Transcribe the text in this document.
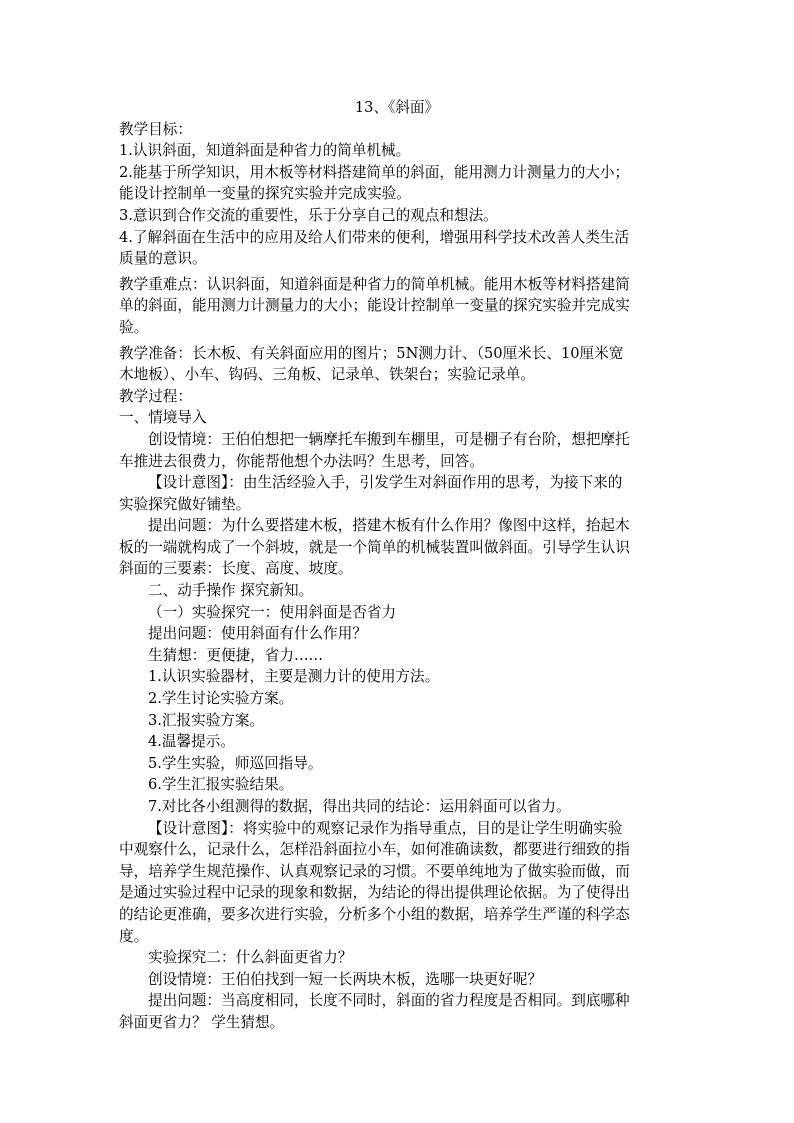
13、《斜面》
教学目标：
1.认识斜面，知道斜面是种省力的简单机械。
2.能基于所学知识，用木板等材料搭建简单的斜面，能用测力计测量力的大小；
能设计控制单一变量的探究实验并完成实验。
3.意识到合作交流的重要性，乐于分享自己的观点和想法。
4.了解斜面在生活中的应用及给人们带来的便利，增强用科学技术改善人类生活
质量的意识。
教学重难点：认识斜面，知道斜面是种省力的简单机械。能用木板等材料搭建简
单的斜面，能用测力计测量力的大小；能设计控制单一变量的探究实验并完成实
验。
教学准备：长木板、有关斜面应用的图片；5N测力计、（50厘米长、10厘米宽
木地板）、小车、钩码、三角板、记录单、铁架台；实验记录单。
教学过程：
一、情境导入
创设情境：王伯伯想把一辆摩托车搬到车棚里，可是棚子有台阶，想把摩托
车推进去很费力，你能帮他想个办法吗？生思考，回答。
【设计意图】：由生活经验入手，引发学生对斜面作用的思考，为接下来的
实验探究做好铺垫。
提出问题：为什么要搭建木板，搭建木板有什么作用？像图中这样，抬起木
板的一端就构成了一个斜坡，就是一个简单的机械装置叫做斜面。引导学生认识
斜面的三要素：长度、高度、坡度。
二、动手操作 探究新知。
（一）实验探究一：使用斜面是否省力
提出问题：使用斜面有什么作用？
生猜想：更便捷，省力……
1.认识实验器材，主要是测力计的使用方法。
2.学生讨论实验方案。
3.汇报实验方案。
4.温馨提示。
5.学生实验，师巡回指导。
6.学生汇报实验结果。
7.对比各小组测得的数据，得出共同的结论：运用斜面可以省力。
【设计意图】：将实验中的观察记录作为指导重点，目的是让学生明确实验
中观察什么，记录什么，怎样沿斜面拉小车，如何准确读数，都要进行细致的指
导，培养学生规范操作、认真观察记录的习惯。不要单纯地为了做实验而做，而
是通过实验过程中记录的现象和数据，为结论的得出提供理论依据。为了使得出
的结论更准确，要多次进行实验，分析多个小组的数据，培养学生严谨的科学态
度。
实验探究二：什么斜面更省力？
创设情境：王伯伯找到一短一长两块木板，选哪一块更好呢？
提出问题：当高度相同，长度不同时，斜面的省力程度是否相同。到底哪种
斜面更省力？ 学生猜想。
